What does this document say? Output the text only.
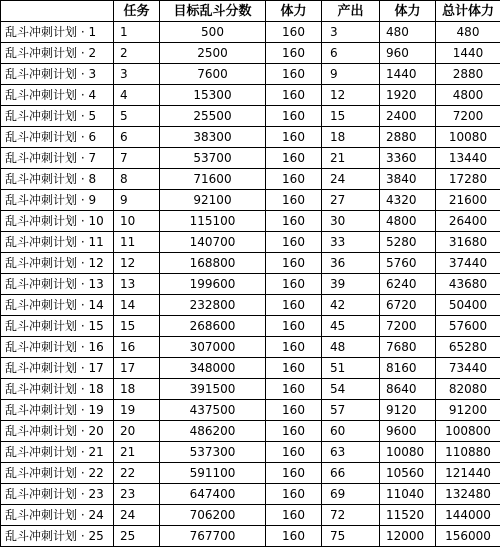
	任务	目标乱斗分数	体力	产出	体力	总计体力
乱斗冲刺计划 · 1	1	500	160	3	480	480
乱斗冲刺计划 · 2	2	2500	160	6	960	1440
乱斗冲刺计划 · 3	3	7600	160	9	1440	2880
乱斗冲刺计划 · 4	4	15300	160	12	1920	4800
乱斗冲刺计划 · 5	5	25500	160	15	2400	7200
乱斗冲刺计划 · 6	6	38300	160	18	2880	10080
乱斗冲刺计划 · 7	7	53700	160	21	3360	13440
乱斗冲刺计划 · 8	8	71600	160	24	3840	17280
乱斗冲刺计划 · 9	9	92100	160	27	4320	21600
乱斗冲刺计划 · 10	10	115100	160	30	4800	26400
乱斗冲刺计划 · 11	11	140700	160	33	5280	31680
乱斗冲刺计划 · 12	12	168800	160	36	5760	37440
乱斗冲刺计划 · 13	13	199600	160	39	6240	43680
乱斗冲刺计划 · 14	14	232800	160	42	6720	50400
乱斗冲刺计划 · 15	15	268600	160	45	7200	57600
乱斗冲刺计划 · 16	16	307000	160	48	7680	65280
乱斗冲刺计划 · 17	17	348000	160	51	8160	73440
乱斗冲刺计划 · 18	18	391500	160	54	8640	82080
乱斗冲刺计划 · 19	19	437500	160	57	9120	91200
乱斗冲刺计划 · 20	20	486200	160	60	9600	100800
乱斗冲刺计划 · 21	21	537300	160	63	10080	110880
乱斗冲刺计划 · 22	22	591100	160	66	10560	121440
乱斗冲刺计划 · 23	23	647400	160	69	11040	132480
乱斗冲刺计划 · 24	24	706200	160	72	11520	144000
乱斗冲刺计划 · 25	25	767700	160	75	12000	156000
